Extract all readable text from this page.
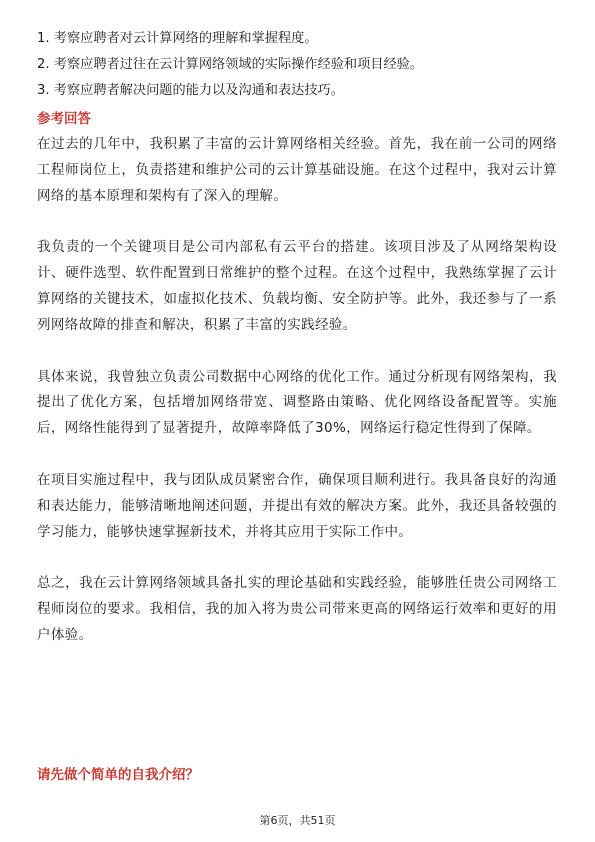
1. 考察应聘者对云计算网络的理解和掌握程度。
2. 考察应聘者过往在云计算网络领域的实际操作经验和项目经验。
3. 考察应聘者解决问题的能力以及沟通和表达技巧。
参考回答

在过去的几年中，我积累了丰富的云计算网络相关经验。首先，我在前一公司的网络工程师岗位上，负责搭建和维护公司的云计算基础设施。在这个过程中，我对云计算网络的基本原理和架构有了深入的理解。

我负责的一个关键项目是公司内部私有云平台的搭建。该项目涉及了从网络架构设计、硬件选型、软件配置到日常维护的整个过程。在这个过程中，我熟练掌握了云计算网络的关键技术，如虚拟化技术、负载均衡、安全防护等。此外，我还参与了一系列网络故障的排查和解决，积累了丰富的实践经验。

具体来说，我曾独立负责公司数据中心网络的优化工作。通过分析现有网络架构，我提出了优化方案，包括增加网络带宽、调整路由策略、优化网络设备配置等。实施后，网络性能得到了显著提升，故障率降低了30%，网络运行稳定性得到了保障。

在项目实施过程中，我与团队成员紧密合作，确保项目顺利进行。我具备良好的沟通和表达能力，能够清晰地阐述问题，并提出有效的解决方案。此外，我还具备较强的学习能力，能够快速掌握新技术，并将其应用于实际工作中。

总之，我在云计算网络领域具备扎实的理论基础和实践经验，能够胜任贵公司网络工程师岗位的要求。我相信，我的加入将为贵公司带来更高的网络运行效率和更好的用户体验。

请先做个简单的自我介绍？
第6页，共51页
